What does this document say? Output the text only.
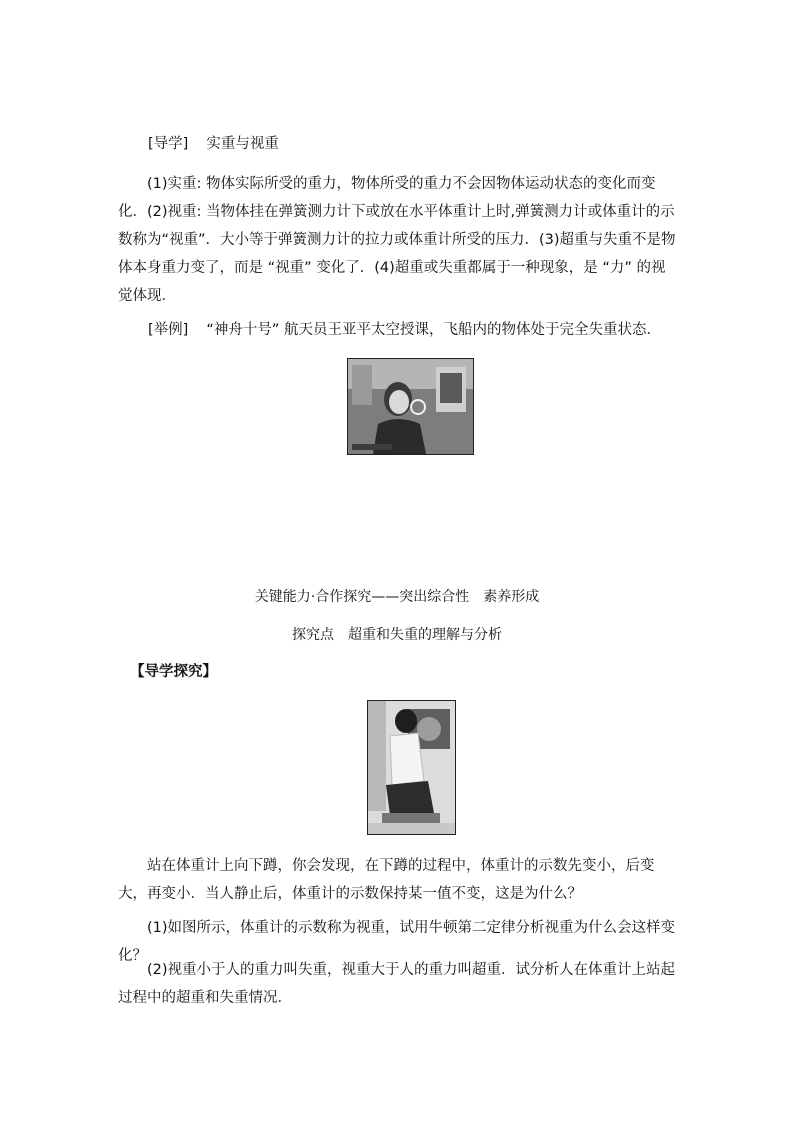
[导学] 实重与视重
(1)实重: 物体实际所受的重力，物体所受的重力不会因物体运动状态的变化而变化．(2)视重: 当物体挂在弹簧测力计下或放在水平体重计上时,弹簧测力计或体重计的示数称为“视重”．大小等于弹簧测力计的拉力或体重计所受的压力．(3)超重与失重不是物体本身重力变了，而是 “视重” 变化了．(4)超重或失重都属于一种现象，是 “力” 的视觉体现．
[举例] “神舟十号” 航天员王亚平太空授课，飞船内的物体处于完全失重状态．
关键能力·合作探究——突出综合性　素养形成
探究点　超重和失重的理解与分析
【导学探究】
站在体重计上向下蹲，你会发现，在下蹲的过程中，体重计的示数先变小，后变大，再变小．当人静止后，体重计的示数保持某一值不变，这是为什么？
(1)如图所示，体重计的示数称为视重，试用牛顿第二定律分析视重为什么会这样变化？
(2)视重小于人的重力叫失重，视重大于人的重力叫超重．试分析人在体重计上站起过程中的超重和失重情况．
